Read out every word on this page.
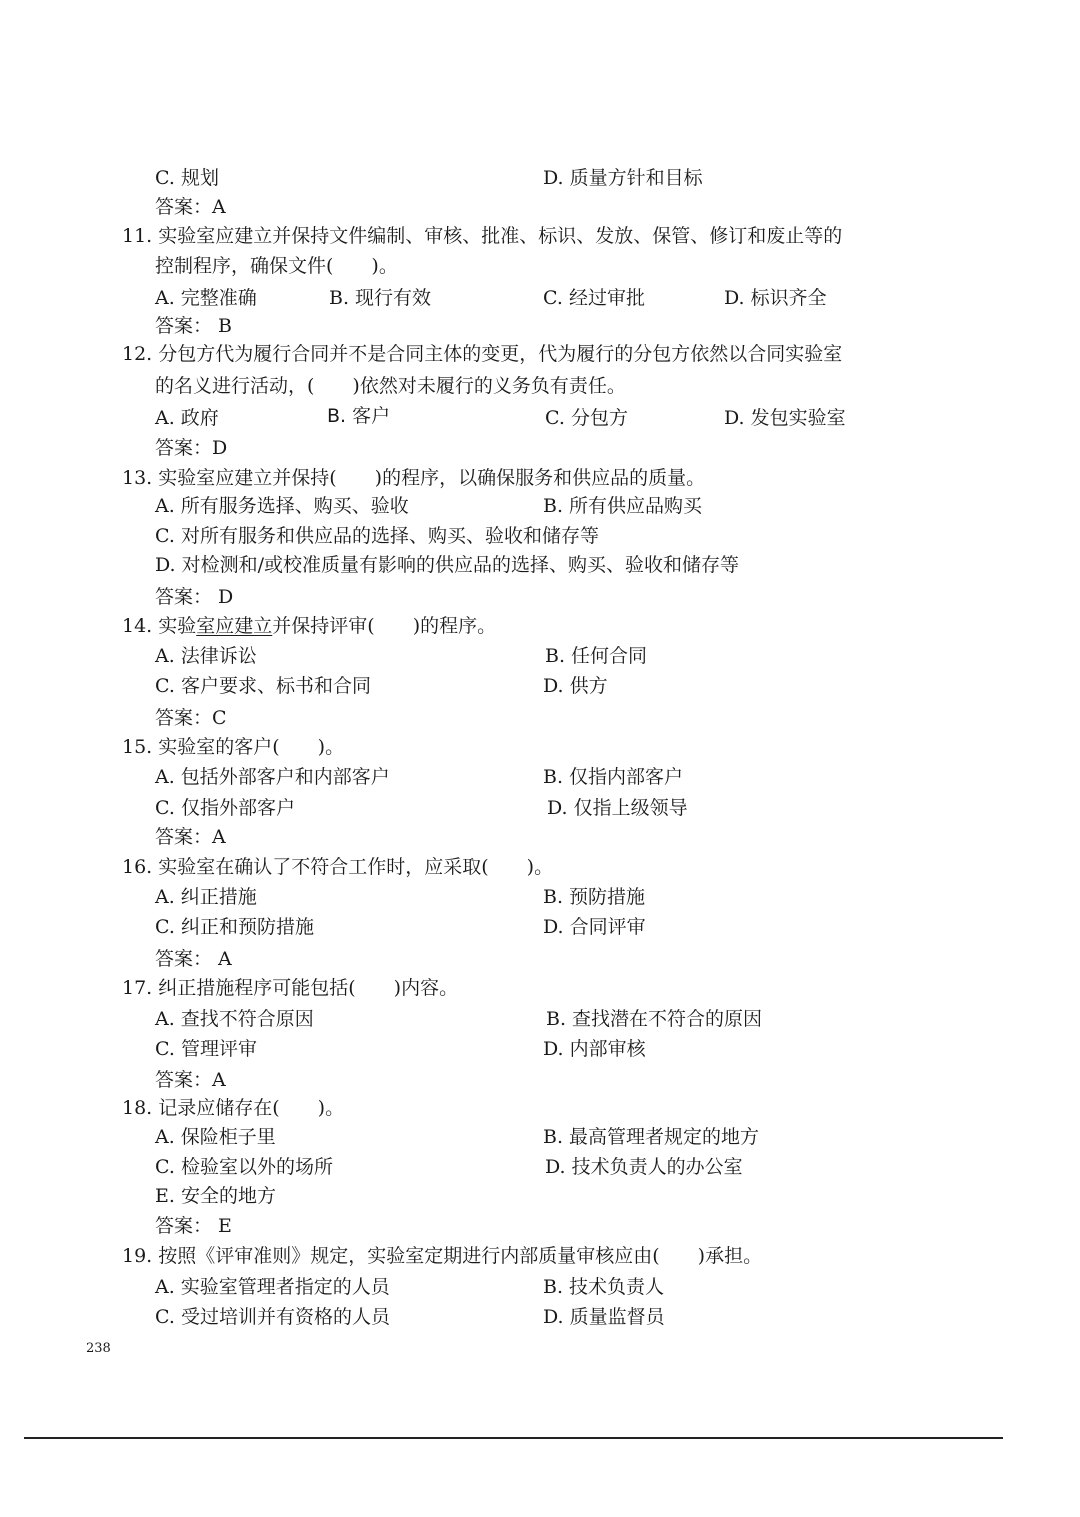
C. 规划	D. 质量方针和目标
答案：A
11. 实验室应建立并保持文件编制、审核、批准、标识、发放、保管、修订和废止等的
控制程序，确保文件(　　)。
A. 完整准确	B. 现行有效	C. 经过审批	D. 标识齐全
答案： B
12. 分包方代为履行合同并不是合同主体的变更，代为履行的分包方依然以合同实验室
的名义进行活动，(　　)依然对未履行的义务负有责任。
A. 政府	B. 客户	C. 分包方	D. 发包实验室
答案：D
13. 实验室应建立并保持(　　)的程序，以确保服务和供应品的质量。
A. 所有服务选择、购买、验收	B. 所有供应品购买
C. 对所有服务和供应品的选择、购买、验收和储存等
D. 对检测和/或校准质量有影响的供应品的选择、购买、验收和储存等
答案： D
14. 实验室应建立并保持评审(　　)的程序。
A. 法律诉讼	B. 任何合同
C. 客户要求、标书和合同	D. 供方
答案：C
15. 实验室的客户(　　)。
A. 包括外部客户和内部客户	B. 仅指内部客户
C. 仅指外部客户	D. 仅指上级领导
答案：A
16. 实验室在确认了不符合工作时，应采取(　　)。
A. 纠正措施	B. 预防措施
C. 纠正和预防措施	D. 合同评审
答案： A
17. 纠正措施程序可能包括(　　)内容。
A. 查找不符合原因	B. 查找潜在不符合的原因
C. 管理评审	D. 内部审核
答案：A
18. 记录应储存在(　　)。
A. 保险柜子里	B. 最高管理者规定的地方
C. 检验室以外的场所	D. 技术负责人的办公室
E. 安全的地方
答案： E
19. 按照《评审准则》规定，实验室定期进行内部质量审核应由(　　)承担。
A. 实验室管理者指定的人员	B. 技术负责人
C. 受过培训并有资格的人员	D. 质量监督员
238
